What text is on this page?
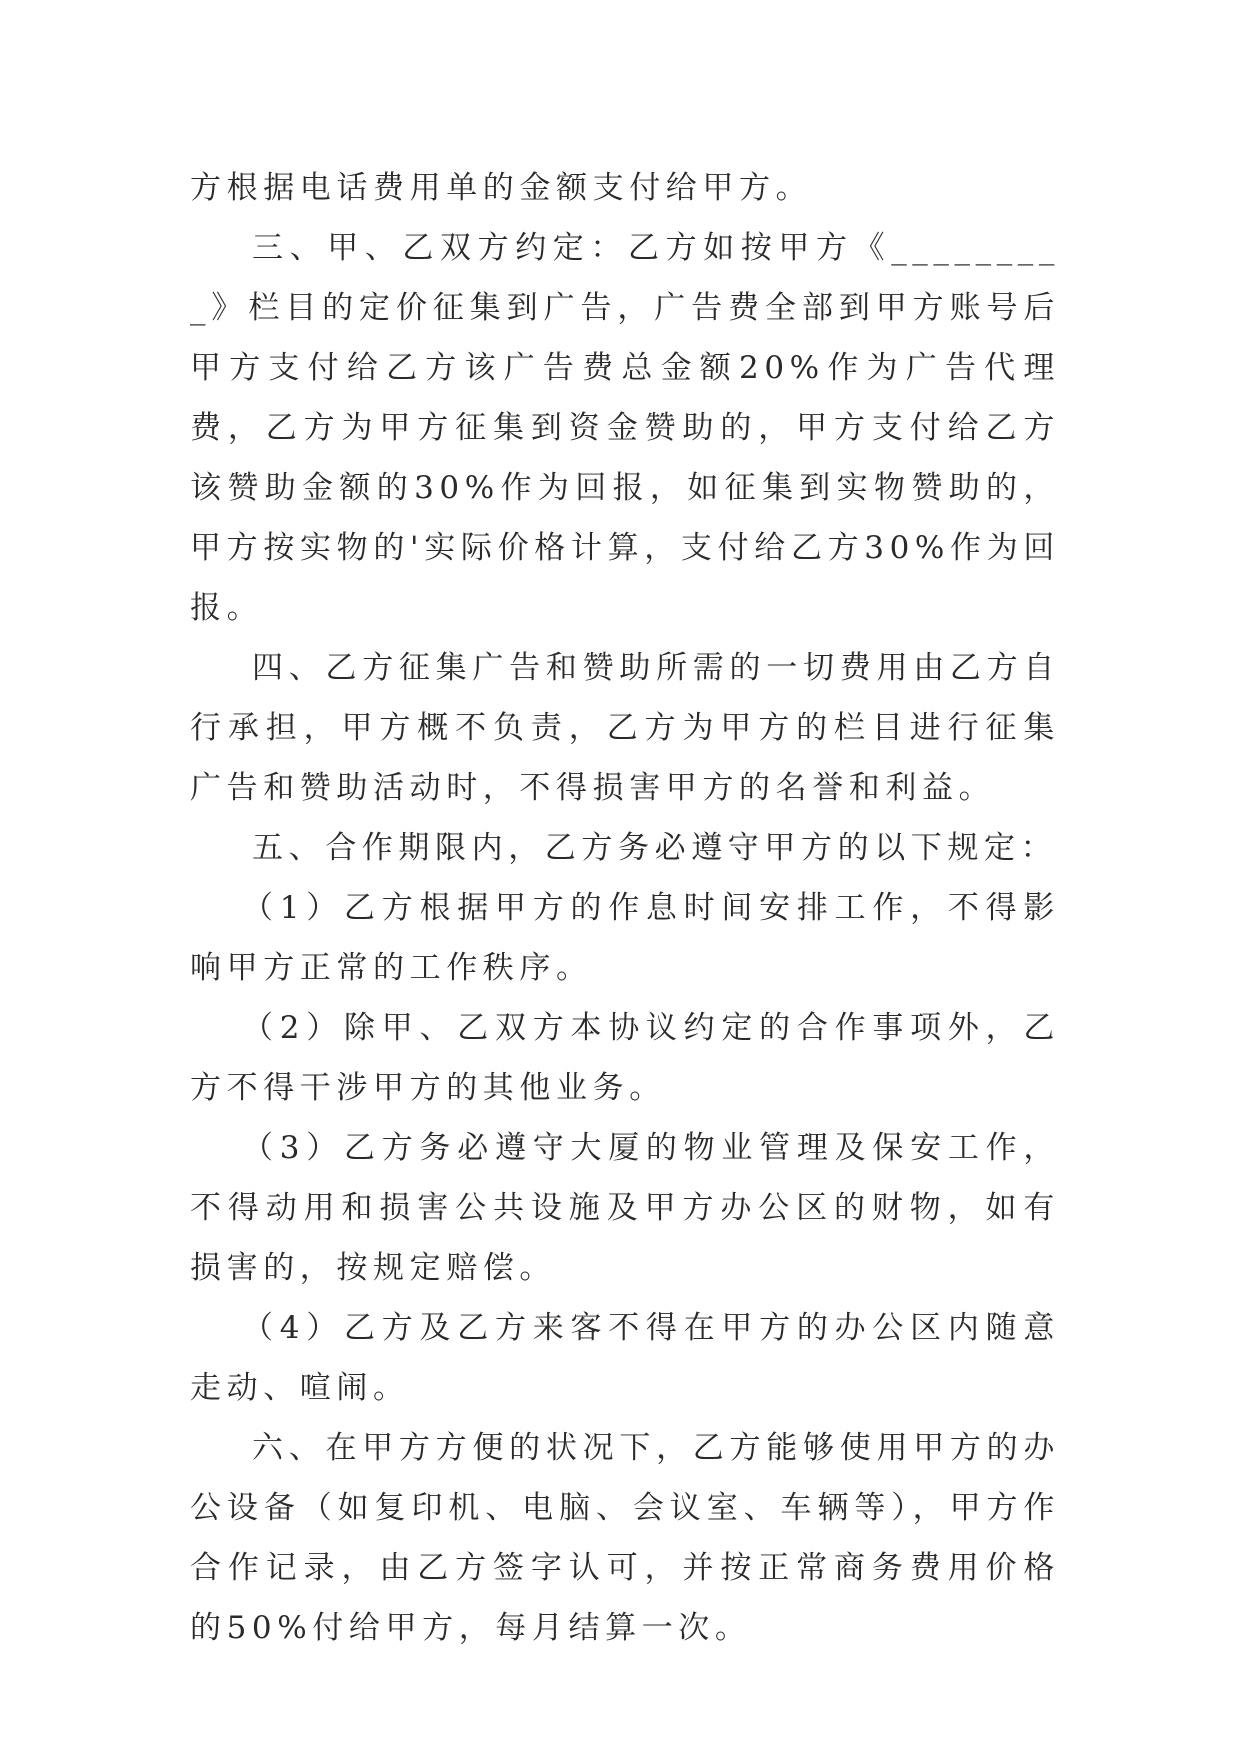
方根据电话费用单的金额支付给甲方。

三、甲、乙双方约定：乙方如按甲方《_________》栏目的定价征集到广告，广告费全部到甲方账号后甲方支付给乙方该广告费总金额20%作为广告代理费，乙方为甲方征集到资金赞助的，甲方支付给乙方该赞助金额的30%作为回报，如征集到实物赞助的，甲方按实物的'实际价格计算，支付给乙方30%作为回报。

四、乙方征集广告和赞助所需的一切费用由乙方自行承担，甲方概不负责，乙方为甲方的栏目进行征集广告和赞助活动时，不得损害甲方的名誉和利益。

五、合作期限内，乙方务必遵守甲方的以下规定：

（1）乙方根据甲方的作息时间安排工作，不得影响甲方正常的工作秩序。

（2）除甲、乙双方本协议约定的合作事项外，乙方不得干涉甲方的其他业务。

（3）乙方务必遵守大厦的物业管理及保安工作，不得动用和损害公共设施及甲方办公区的财物，如有损害的，按规定赔偿。

（4）乙方及乙方来客不得在甲方的办公区内随意走动、喧闹。

六、在甲方方便的状况下，乙方能够使用甲方的办公设备（如复印机、电脑、会议室、车辆等），甲方作合作记录，由乙方签字认可，并按正常商务费用价格的50%付给甲方，每月结算一次。
